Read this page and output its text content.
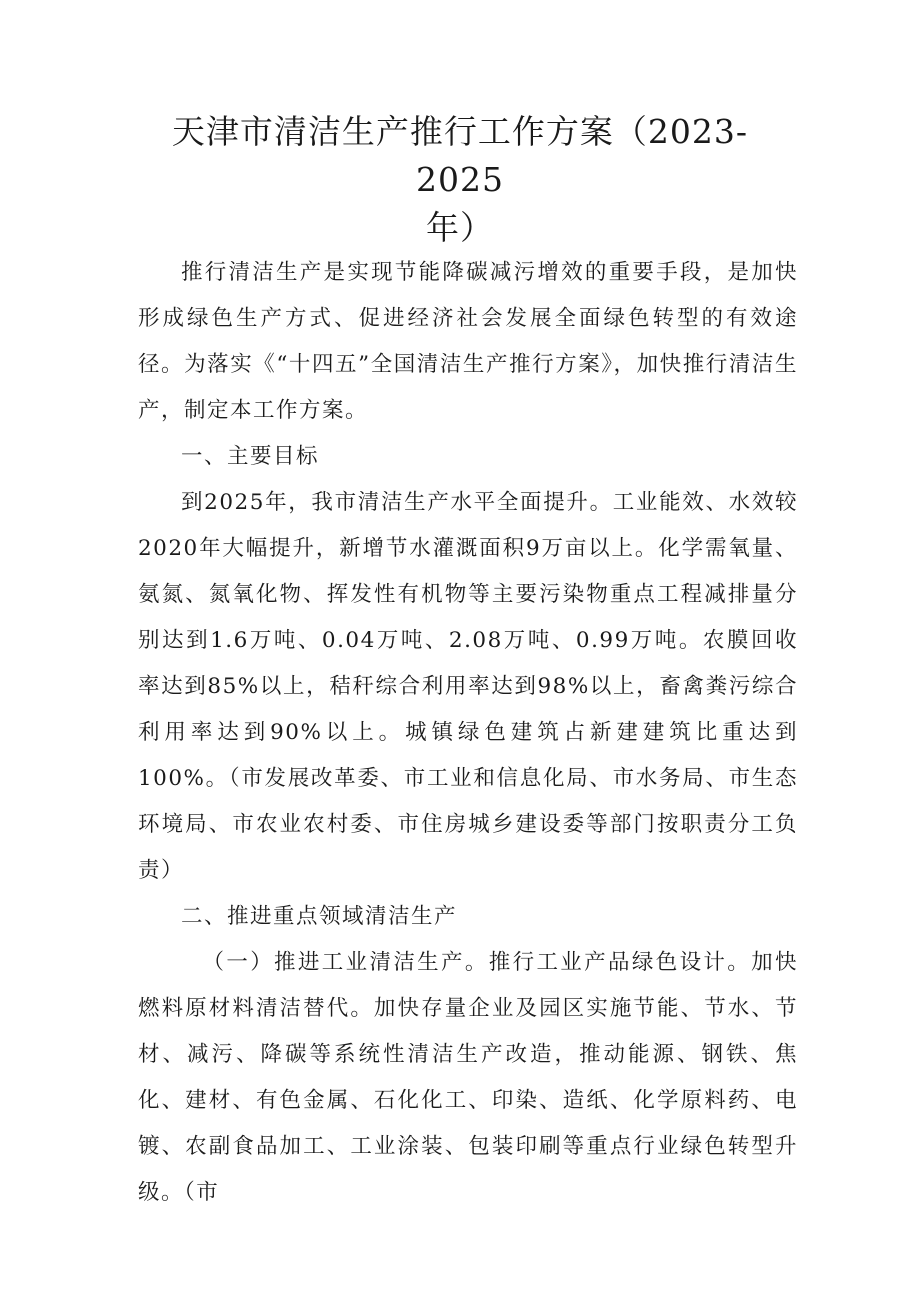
天津市清洁生产推行工作方案（2023-2025
年）

推行清洁生产是实现节能降碳减污增效的重要手段，是加快形成绿色生产方式、促进经济社会发展全面绿色转型的有效途径。为落实《“十四五”全国清洁生产推行方案》，加快推行清洁生产，制定本工作方案。

一、主要目标

到2025年，我市清洁生产水平全面提升。工业能效、水效较2020年大幅提升，新增节水灌溉面积9万亩以上。化学需氧量、氨氮、氮氧化物、挥发性有机物等主要污染物重点工程减排量分别达到1.6万吨、0.04万吨、2.08万吨、0.99万吨。农膜回收率达到85%以上，秸秆综合利用率达到98%以上，畜禽粪污综合利用率达到90%以上。城镇绿色建筑占新建建筑比重达到100%。（市发展改革委、市工业和信息化局、市水务局、市生态环境局、市农业农村委、市住房城乡建设委等部门按职责分工负责）

二、推进重点领域清洁生产

（一）推进工业清洁生产。推行工业产品绿色设计。加快燃料原材料清洁替代。加快存量企业及园区实施节能、节水、节材、减污、降碳等系统性清洁生产改造，推动能源、钢铁、焦化、建材、有色金属、石化化工、印染、造纸、化学原料药、电镀、农副食品加工、工业涂装、包装印刷等重点行业绿色转型升级。（市
